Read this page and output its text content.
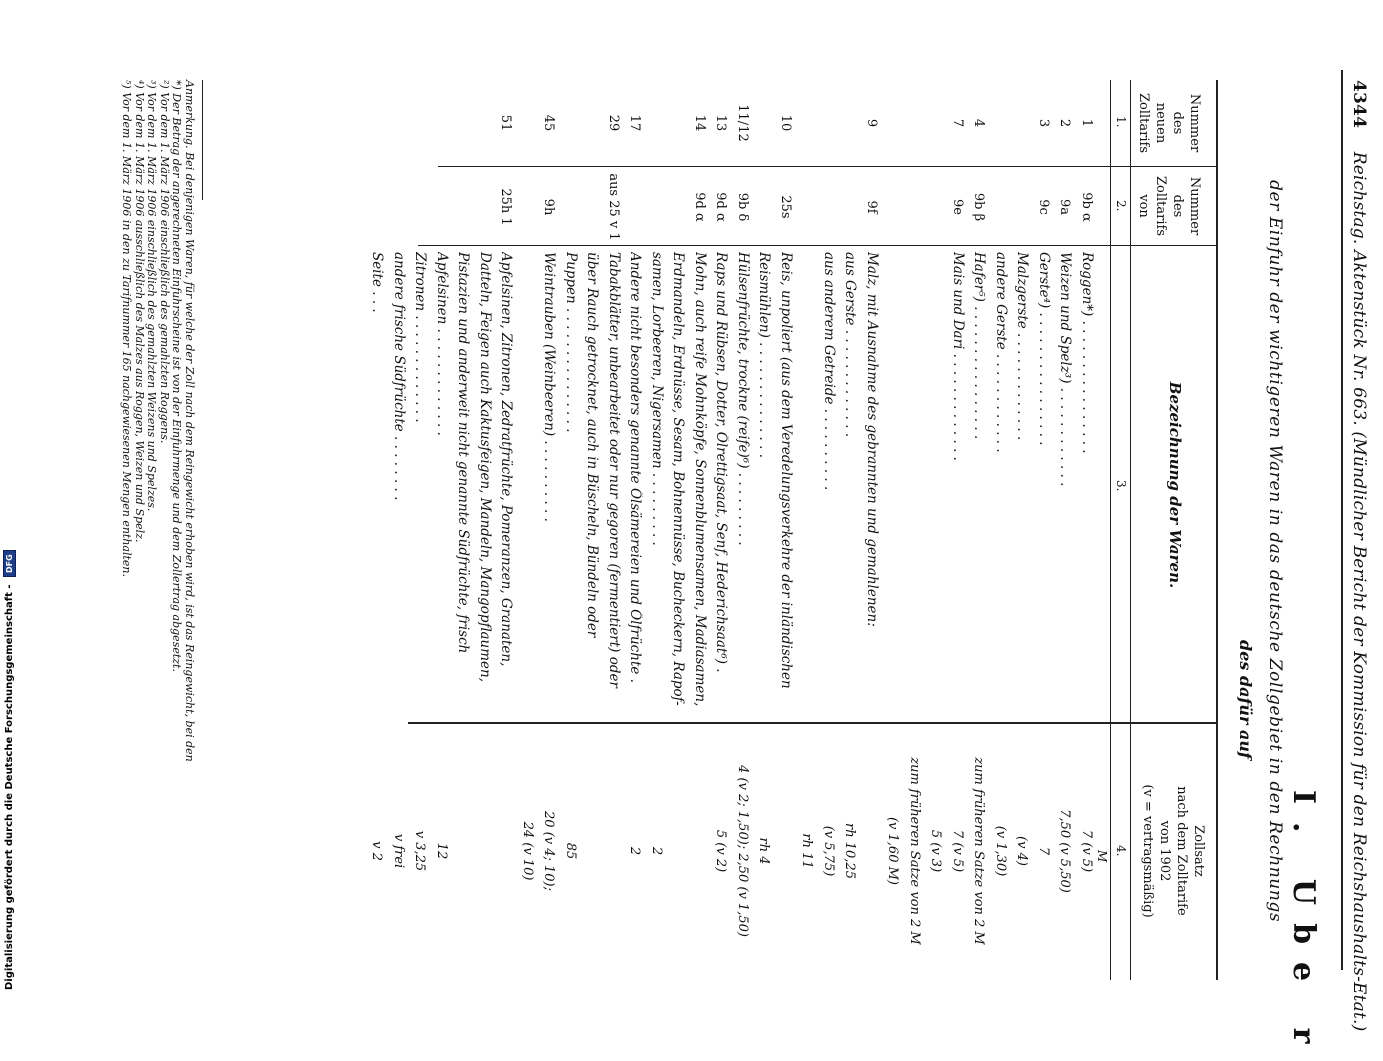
4344 Reichstag. Aktenstück Nr. 663. (Mündlicher Bericht der Kommission für den Reichshaushalts-Etat.)
I. Ube r
der Einfuhr der wichtigeren Waren in das deutsche Zollgebiet in den Rechnungs
des dafür auf
Nummer
des
neuen
Zolltarifs
Nummer
des
Zolltarifs
von
Bezeichnung der Waren.
Zollsatz
nach dem Zolltarife
von 1902
(v = vertragsmäßig)
1.
2.
3.
4.
M
1
9b α
Roggen*) . . . . . . . . . . . . . . . .
7 (v 5)
2
9a
Weizen und Spelz³) . . . . . . . . . . . .
7,50 (v 5,50)
3
9c
Gerste⁴) . . . . . . . . . . . . . . . .
7
Malzgerste . . . . . . . . . . . . .
(v 4)
andere Gerste . . . . . . . . . . . .
(v 1,30)
4
9b β
Hafer⁵) . . . . . . . . . . . . . . . .
zum früheren Satze von 2 M
7
9e
Mais und Dari . . . . . . . . . . . . .
7 (v 5)
5 (v 3)
zum früheren Satze von 2 M
(v 1,60 M)
9
9f
Malz, mit Ausnahme des gebrannten und gemahlenen:
aus Gerste . . . . . . . . . . . . .
rh 10,25
aus anderem Getreide . . . . . . . . . .
(v 5,75)
rh 11
10
25s
Reis, unpoliert (aus dem Veredelungsverkehre der inländischen
Reismühlen) . . . . . . . . . . . . . .
rh 4
11/12
9b δ
Hülsenfrüchte, trockne (reife)⁶) . . . . . . . . .
4 (v 2; 1,50); 2,50 (v 1,50)
13
9d α
Raps und Rübsen, Dotter, Ölrettigsaat, Senf, Hederichsaat⁶) .
5 (v 2)
14
9d α
Mohn, auch reife Mohnköpfe, Sonnenblumensamen, Madiasamen,
Erdmandeln, Erdnüsse, Sesam, Bohnennüsse, Bucheckern, Rapof-
samen, Lorbeeren, Nigersamen . . . . . . . . .
2
17
Andere nicht besonders genannte Ölsämereien und Ölfrüchte .
2
29
aus 25 v 1
Tabakblätter, unbearbeitet oder nur gegoren (fermentiert) oder
über Rauch getrocknet, auch in Büscheln, Bündeln oder
Puppen . . . . . . . . . . . . . . .
85
45
9h
Weintrauben (Weinbeeren) . . . . . . . . . .
20 (v 4; 10);
24 (v 10)
51
25h 1
Apfelsinen, Zitronen, Zedratfrüchte, Pomeranzen, Granaten,
Datteln, Feigen auch Kaktusfeigen, Mandeln, Mangopflaumen,
Pistazien und anderweit nicht genannte Südfrüchte, frisch
Apfelsinen . . . . . . . . . . . . .
12
Zitronen . . . . . . . . . . . . .
v 3,25
andere frische Südfrüchte . . . . . . . .
v frei
Seite . . .
v 2
Anmerkung. Bei denjenigen Waren, für welche der Zoll nach dem Reingewicht erhoben wird, ist das Reingewicht, bei den
*) Der Betrag der angerechneten Einfuhrscheine ist von der Einfuhrmenge und dem Zollertrag abgesetzt.
²) Vor dem 1. März 1906 einschließlich des gemahlzten Roggens.
³) Vor dem 1. März 1906 einschließlich des gemahlzten Weizens und Spelzes.
⁴) Vor dem 1. März 1906 ausschließlich des Malzes aus Roggen, Weizen und Spelz.
⁵) Vor dem 1. März 1906 in den zu Tarifnummer 165 nachgewiesenen Mengen enthalten.
Digitalisierung gefördert durch die Deutsche Forschungsgemeinschaft - DFG
